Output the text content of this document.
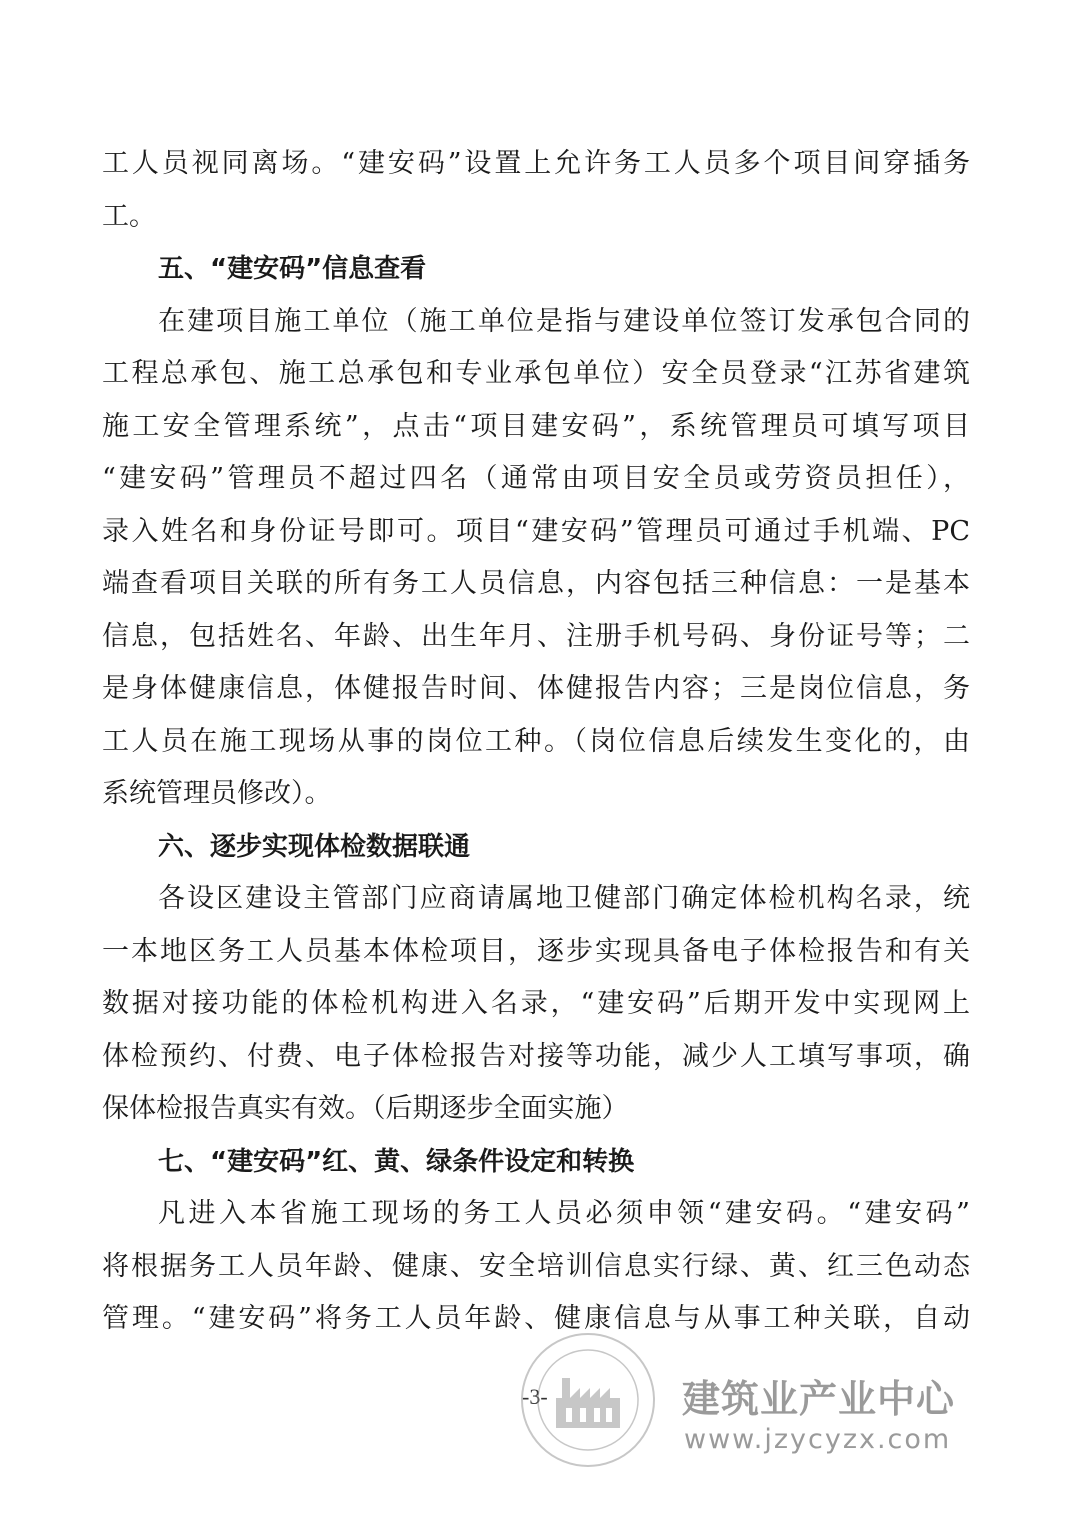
工人员视同离场。“建安码”设置上允许务工人员多个项目间穿插务
工。
五、“建安码”信息查看
在建项目施工单位（施工单位是指与建设单位签订发承包合同的
工程总承包、施工总承包和专业承包单位）安全员登录“江苏省建筑
施工安全管理系统”，点击“项目建安码”，系统管理员可填写项目
“建安码”管理员不超过四名（通常由项目安全员或劳资员担任），
录入姓名和身份证号即可。项目“建安码”管理员可通过手机端、PC
端查看项目关联的所有务工人员信息，内容包括三种信息：一是基本
信息，包括姓名、年龄、出生年月、注册手机号码、身份证号等；二
是身体健康信息，体健报告时间、体健报告内容；三是岗位信息，务
工人员在施工现场从事的岗位工种。（岗位信息后续发生变化的，由
系统管理员修改）。
六、逐步实现体检数据联通
各设区建设主管部门应商请属地卫健部门确定体检机构名录，统
一本地区务工人员基本体检项目，逐步实现具备电子体检报告和有关
数据对接功能的体检机构进入名录，“建安码”后期开发中实现网上
体检预约、付费、电子体检报告对接等功能，减少人工填写事项，确
保体检报告真实有效。（后期逐步全面实施）
七、“建安码”红、黄、绿条件设定和转换
凡进入本省施工现场的务工人员必须申领“建安码。“建安码”
将根据务工人员年龄、健康、安全培训信息实行绿、黄、红三色动态
管理。“建安码”将务工人员年龄、健康信息与从事工种关联，自动
-3-	建筑业产业中心
www.jzycyzx.com
